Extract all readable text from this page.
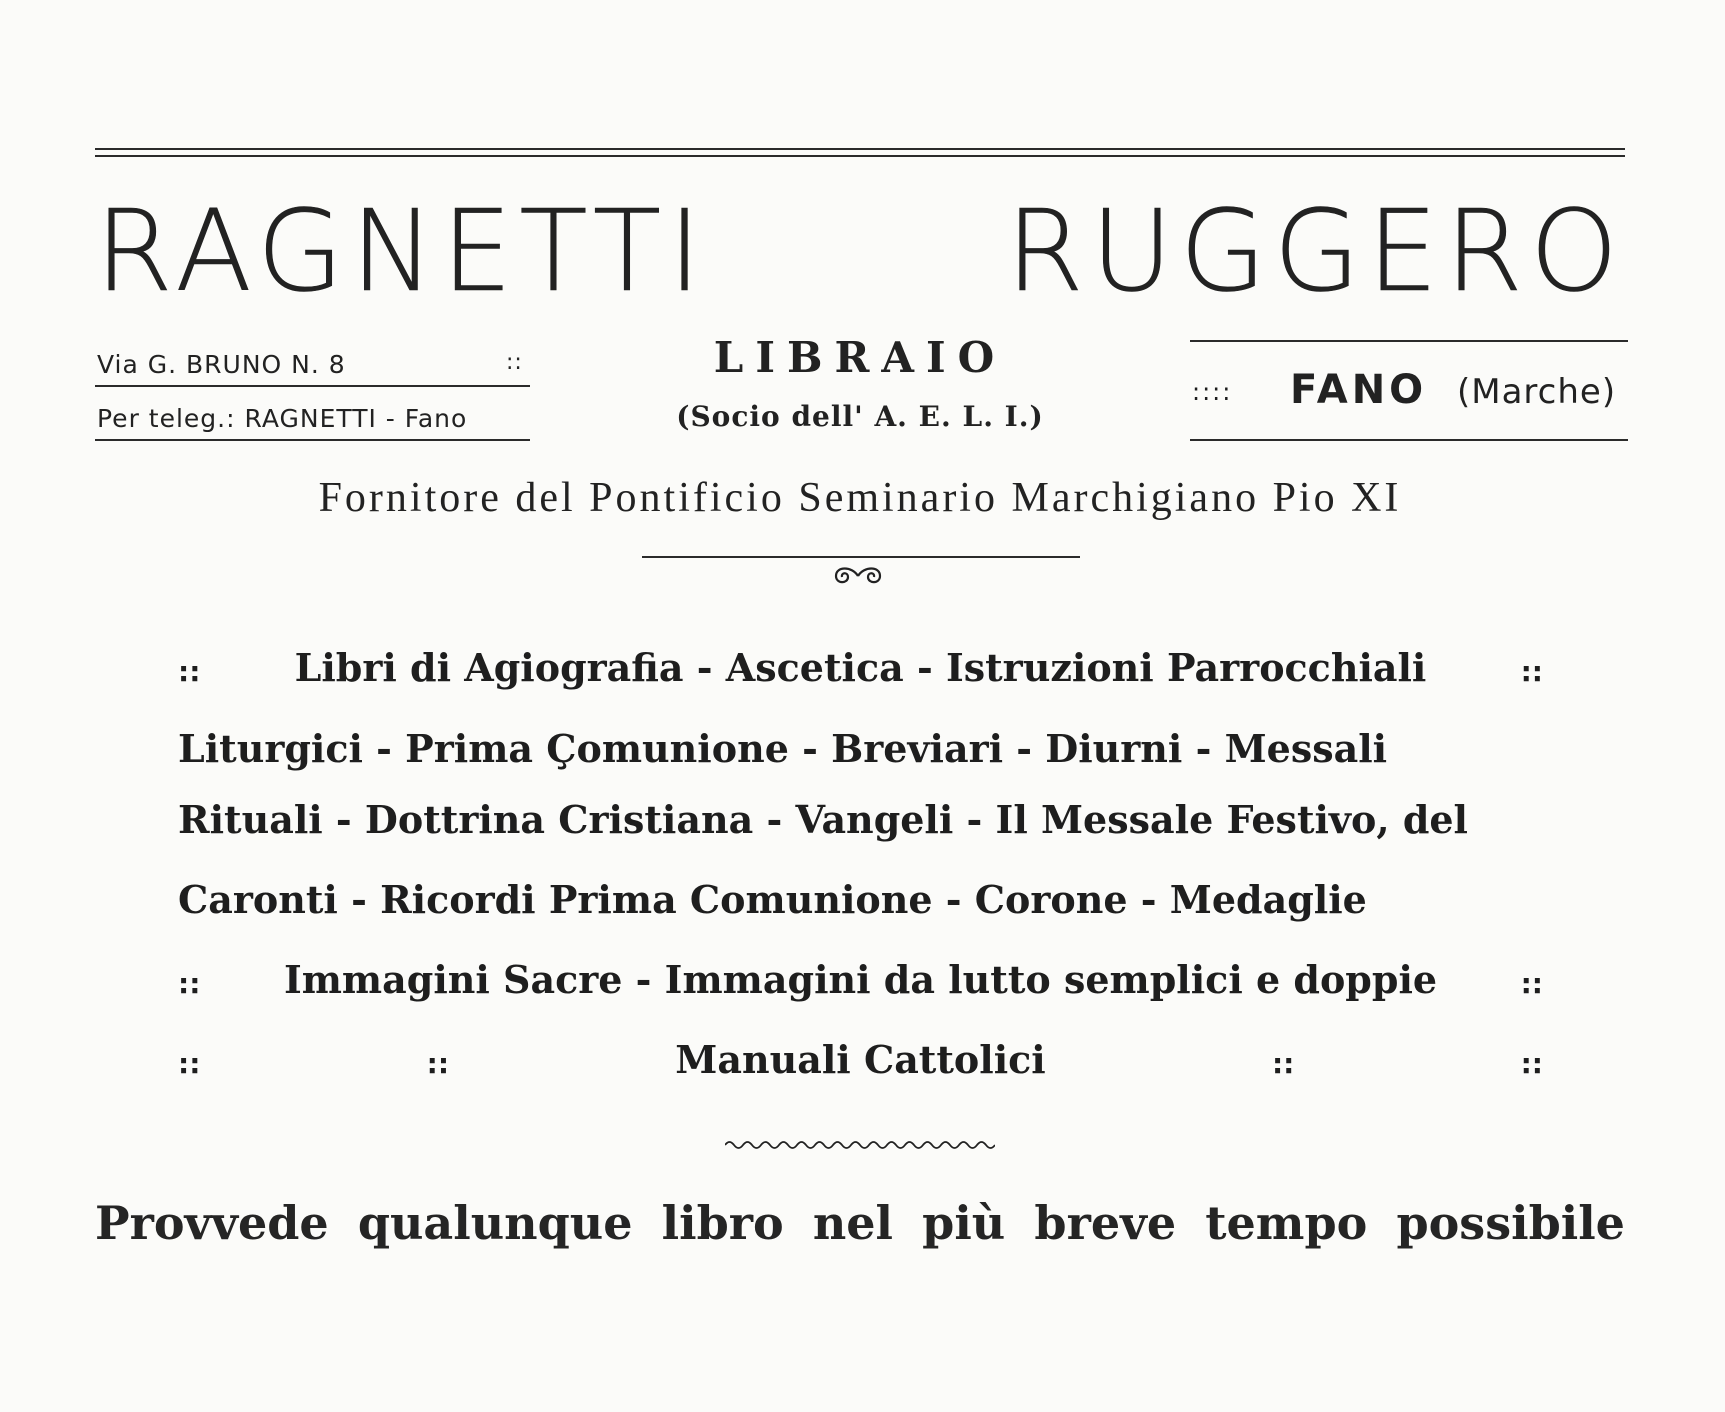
RAGNETTI	RUGGERO
Via G. BRUNO N. 8	::
Per teleg.: RAGNETTI - Fano
LIBRAIO
(Socio dell' A. E. L. I.)
:::: FANO (Marche)
Fornitore del Pontificio Seminario Marchigiano Pio XI
:: Libri di Agiografia - Ascetica - Istruzioni Parrocchiali	::
Liturgici - Prima Çomunione - Breviari - Diurni - Messali
Rituali - Dottrina Cristiana - Vangeli - Il Messale Festivo, del
Caronti - Ricordi Prima Comunione - Corone - Medaglie
:: Immagini Sacre - Immagini da lutto semplici e doppie	::
::	::	Manuali Cattolici	::	::
Provvede qualunque libro nel più breve tempo possibile
